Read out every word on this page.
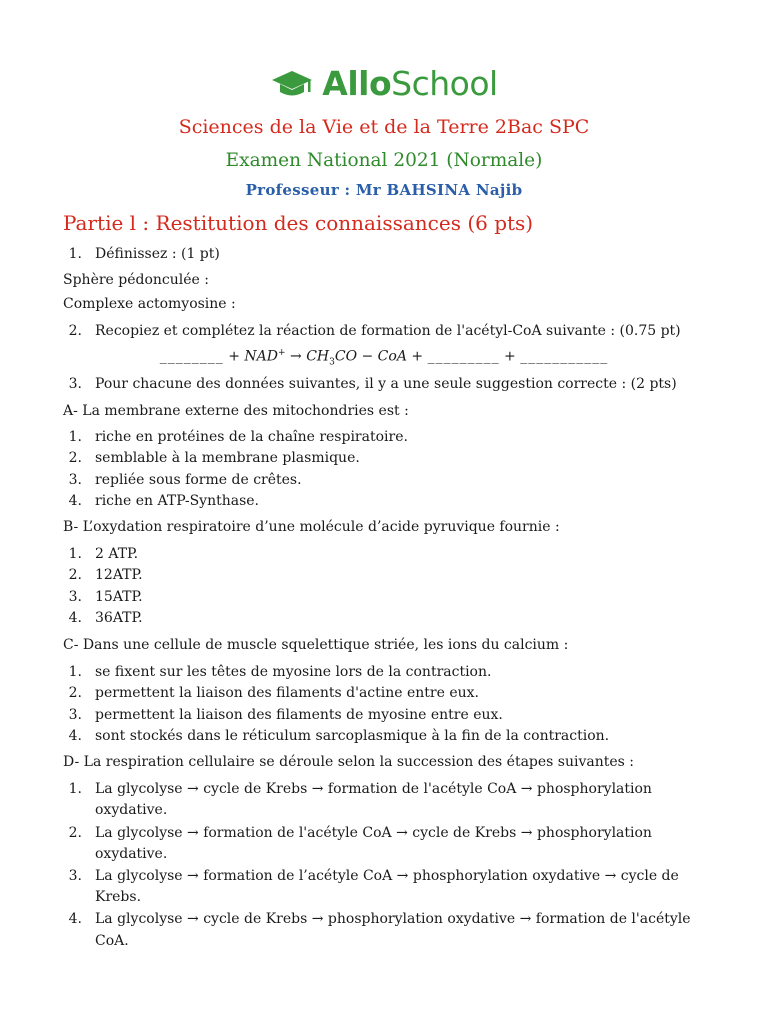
AlloSchool
Sciences de la Vie et de la Terre 2Bac SPC
Examen National 2021 (Normale)
Professeur : Mr BAHSINA Najib
Partie l : Restitution des connaissances (6 pts)
1. Définissez : (1 pt)
Sphère pédonculée :
Complexe actomyosine :
2. Recopiez et complétez la réaction de formation de l'acétyl-CoA suivante : (0.75 pt)
________ + $NAD^+ \to CH_3CO$ − CoA + _________ + ___________
3. Pour chacune des données suivantes, il y a une seule suggestion correcte : (2 pts)
A- La membrane externe des mitochondries est :
1. riche en protéines de la chaîne respiratoire.
2. semblable à la membrane plasmique.
3. repliée sous forme de crêtes.
4. riche en ATP-Synthase.
B- L’oxydation respiratoire d’une molécule d’acide pyruvique fournie :
1. 2 ATP.
2. 12ATP.
3. 15ATP.
4. 36ATP.
C- Dans une cellule de muscle squelettique striée, les ions du calcium :
1. se fixent sur les têtes de myosine lors de la contraction.
2. permettent la liaison des filaments d'actine entre eux.
3. permettent la liaison des filaments de myosine entre eux.
4. sont stockés dans le réticulum sarcoplasmique à la fin de la contraction.
D- La respiration cellulaire se déroule selon la succession des étapes suivantes :
1. La glycolyse → cycle de Krebs → formation de l'acétyle CoA → phosphorylation
oxydative.
2. La glycolyse → formation de l'acétyle CoA → cycle de Krebs → phosphorylation
oxydative.
3. La glycolyse → formation de l’acétyle CoA → phosphorylation oxydative → cycle de
Krebs.
4. La glycolyse → cycle de Krebs → phosphorylation oxydative → formation de l'acétyle
CoA.
